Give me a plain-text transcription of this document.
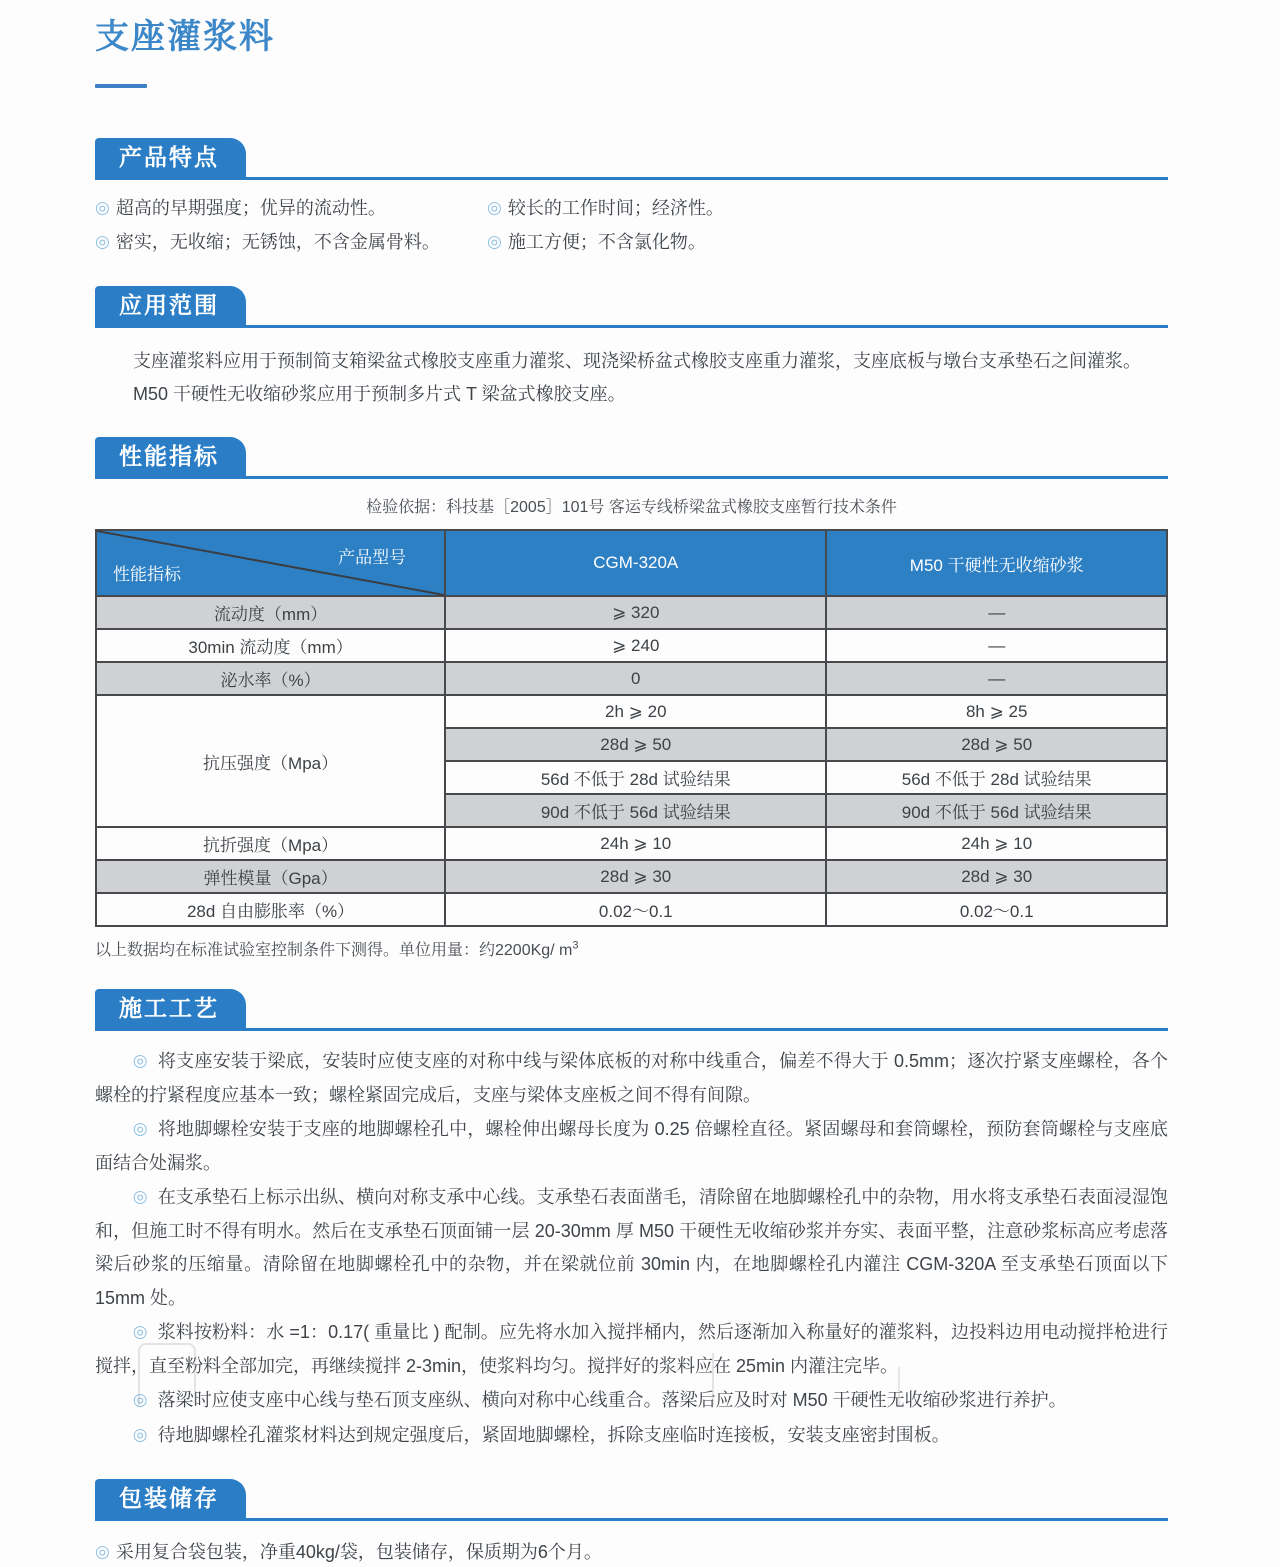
支座灌浆料
产品特点
◎ 超高的早期强度；优异的流动性。
◎ 密实，无收缩；无锈蚀，不含金属骨料。
◎ 较长的工作时间；经济性。
◎ 施工方便；不含氯化物。
应用范围

支座灌浆料应用于预制简支箱梁盆式橡胶支座重力灌浆、现浇梁桥盆式橡胶支座重力灌浆，支座底板与墩台支承垫石之间灌浆。

M50 干硬性无收缩砂浆应用于预制多片式 T 梁盆式橡胶支座。

性能指标
检验依据：科技基［2005］101号 客运专线桥梁盆式橡胶支座暂行技术条件
产品型号
性能指标	CGM-320A	M50 干硬性无收缩砂浆
流动度（mm）	⩾ 320	—
30min 流动度（mm）	⩾ 240	—
泌水率（%）	0	—
抗压强度（Mpa）	2h ⩾ 20	8h ⩾ 25
	28d ⩾ 50	28d ⩾ 50
	56d 不低于 28d 试验结果	56d 不低于 28d 试验结果
	90d 不低于 56d 试验结果	90d 不低于 56d 试验结果
抗折强度（Mpa）	24h ⩾ 10	24h ⩾ 10
弹性模量（Gpa）	28d ⩾ 30	28d ⩾ 30
28d 自由膨胀率（%）	0.02～0.1	0.02～0.1
以上数据均在标准试验室控制条件下测得。单位用量：约2200Kg/ $m^3$
施工工艺

◎ 将支座安装于梁底，安装时应使支座的对称中线与梁体底板的对称中线重合，偏差不得大于 0.5mm；逐次拧紧支座螺栓，各个螺栓的拧紧程度应基本一致；螺栓紧固完成后，支座与梁体支座板之间不得有间隙。

◎ 将地脚螺栓安装于支座的地脚螺栓孔中，螺栓伸出螺母长度为 0.25 倍螺栓直径。紧固螺母和套筒螺栓，预防套筒螺栓与支座底面结合处漏浆。

◎ 在支承垫石上标示出纵、横向对称支承中心线。支承垫石表面凿毛，清除留在地脚螺栓孔中的杂物，用水将支承垫石表面浸湿饱和，但施工时不得有明水。然后在支承垫石顶面铺一层 20-30mm 厚 M50 干硬性无收缩砂浆并夯实、表面平整，注意砂浆标高应考虑落梁后砂浆的压缩量。清除留在地脚螺栓孔中的杂物，并在梁就位前 30min 内，在地脚螺栓孔内灌注 CGM-320A 至支承垫石顶面以下 15mm 处。

◎ 浆料按粉料：水 =1：0.17( 重量比 ) 配制。应先将水加入搅拌桶内，然后逐渐加入称量好的灌浆料，边投料边用电动搅拌枪进行搅拌，直至粉料全部加完，再继续搅拌 2-3min，使浆料均匀。搅拌好的浆料应在 25min 内灌注完毕。

◎ 落梁时应使支座中心线与垫石顶支座纵、横向对称中心线重合。落梁后应及时对 M50 干硬性无收缩砂浆进行养护。

◎ 待地脚螺栓孔灌浆材料达到规定强度后，紧固地脚螺栓，拆除支座临时连接板，安装支座密封围板。

包装储存
◎ 采用复合袋包装，净重40kg/袋，包装储存，保质期为6个月。
